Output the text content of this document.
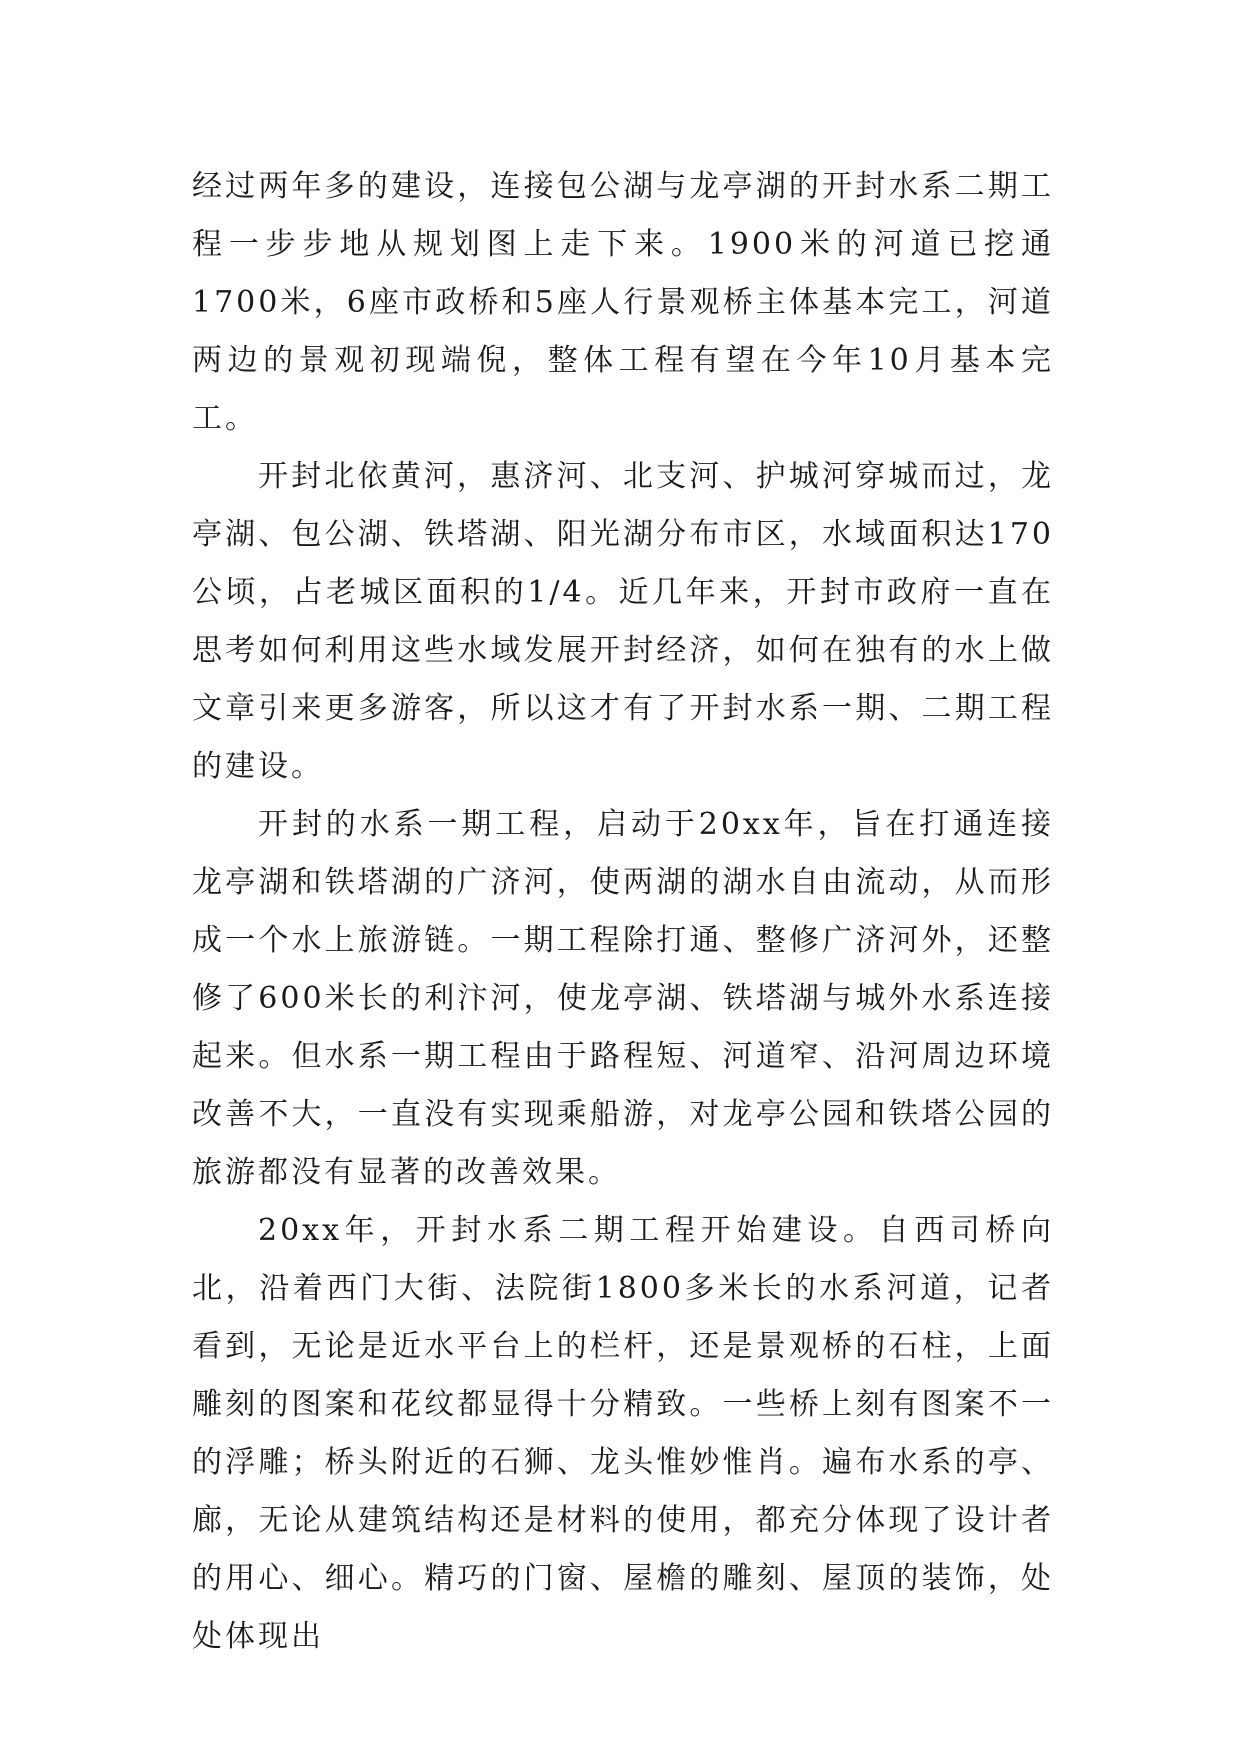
经过两年多的建设，连接包公湖与龙亭湖的开封水系二期工程一步步地从规划图上走下来。1900米的河道已挖通1700米，6座市政桥和5座人行景观桥主体基本完工，河道两边的景观初现端倪，整体工程有望在今年10月基本完工。

开封北依黄河，惠济河、北支河、护城河穿城而过，龙亭湖、包公湖、铁塔湖、阳光湖分布市区，水域面积达170公顷，占老城区面积的1/4。近几年来，开封市政府一直在思考如何利用这些水域发展开封经济，如何在独有的水上做文章引来更多游客，所以这才有了开封水系一期、二期工程的建设。

开封的水系一期工程，启动于20xx年，旨在打通连接龙亭湖和铁塔湖的广济河，使两湖的湖水自由流动，从而形成一个水上旅游链。一期工程除打通、整修广济河外，还整修了600米长的利汴河，使龙亭湖、铁塔湖与城外水系连接起来。但水系一期工程由于路程短、河道窄、沿河周边环境改善不大，一直没有实现乘船游，对龙亭公园和铁塔公园的旅游都没有显著的改善效果。

20xx年，开封水系二期工程开始建设。自西司桥向北，沿着西门大街、法院街1800多米长的水系河道，记者看到，无论是近水平台上的栏杆，还是景观桥的石柱，上面雕刻的图案和花纹都显得十分精致。一些桥上刻有图案不一的浮雕；桥头附近的石狮、龙头惟妙惟肖。遍布水系的亭、廊，无论从建筑结构还是材料的使用，都充分体现了设计者的用心、细心。精巧的门窗、屋檐的雕刻、屋顶的装饰，处处体现出
